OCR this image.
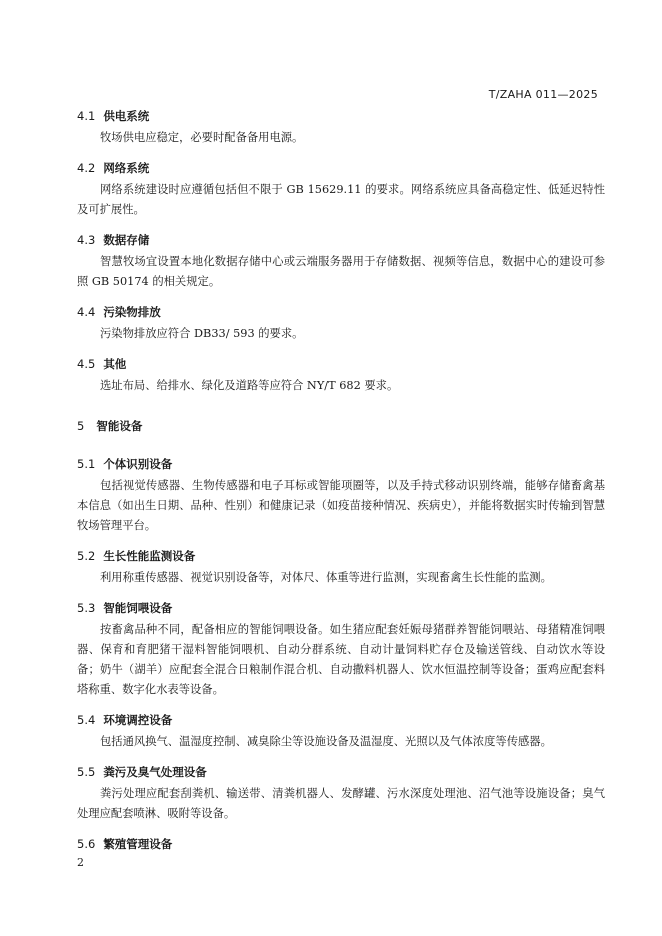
T/ZAHA 011—2025
4.1 供电系统

牧场供电应稳定，必要时配备备用电源。

4.2 网络系统

网络系统建设时应遵循包括但不限于 GB 15629.11 的要求。网络系统应具备高稳定性、低延迟特性及可扩展性。

4.3 数据存储

智慧牧场宜设置本地化数据存储中心或云端服务器用于存储数据、视频等信息，数据中心的建设可参照 GB 50174 的相关规定。

4.4 污染物排放

污染物排放应符合 DB33/ 593 的要求。

4.5 其他

选址布局、给排水、绿化及道路等应符合 NY/T 682 要求。

5 智能设备
5.1 个体识别设备

包括视觉传感器、生物传感器和电子耳标或智能项圈等，以及手持式移动识别终端，能够存储畜禽基本信息（如出生日期、品种、性别）和健康记录（如疫苗接种情况、疾病史），并能将数据实时传输到智慧牧场管理平台。

5.2 生长性能监测设备

利用称重传感器、视觉识别设备等，对体尺、体重等进行监测，实现畜禽生长性能的监测。

5.3 智能饲喂设备

按畜禽品种不同，配备相应的智能饲喂设备。如生猪应配套妊娠母猪群养智能饲喂站、母猪精准饲喂器、保育和育肥猪干湿料智能饲喂机、自动分群系统、自动计量饲料贮存仓及输送管线、自动饮水等设备；奶牛（湖羊）应配套全混合日粮制作混合机、自动撒料机器人、饮水恒温控制等设备；蛋鸡应配套料塔称重、数字化水表等设备。

5.4 环境调控设备

包括通风换气、温湿度控制、减臭除尘等设施设备及温湿度、光照以及气体浓度等传感器。

5.5 粪污及臭气处理设备

粪污处理应配套刮粪机、输送带、清粪机器人、发酵罐、污水深度处理池、沼气池等设施设备；臭气处理应配套喷淋、吸附等设备。

5.6 繁殖管理设备
2
